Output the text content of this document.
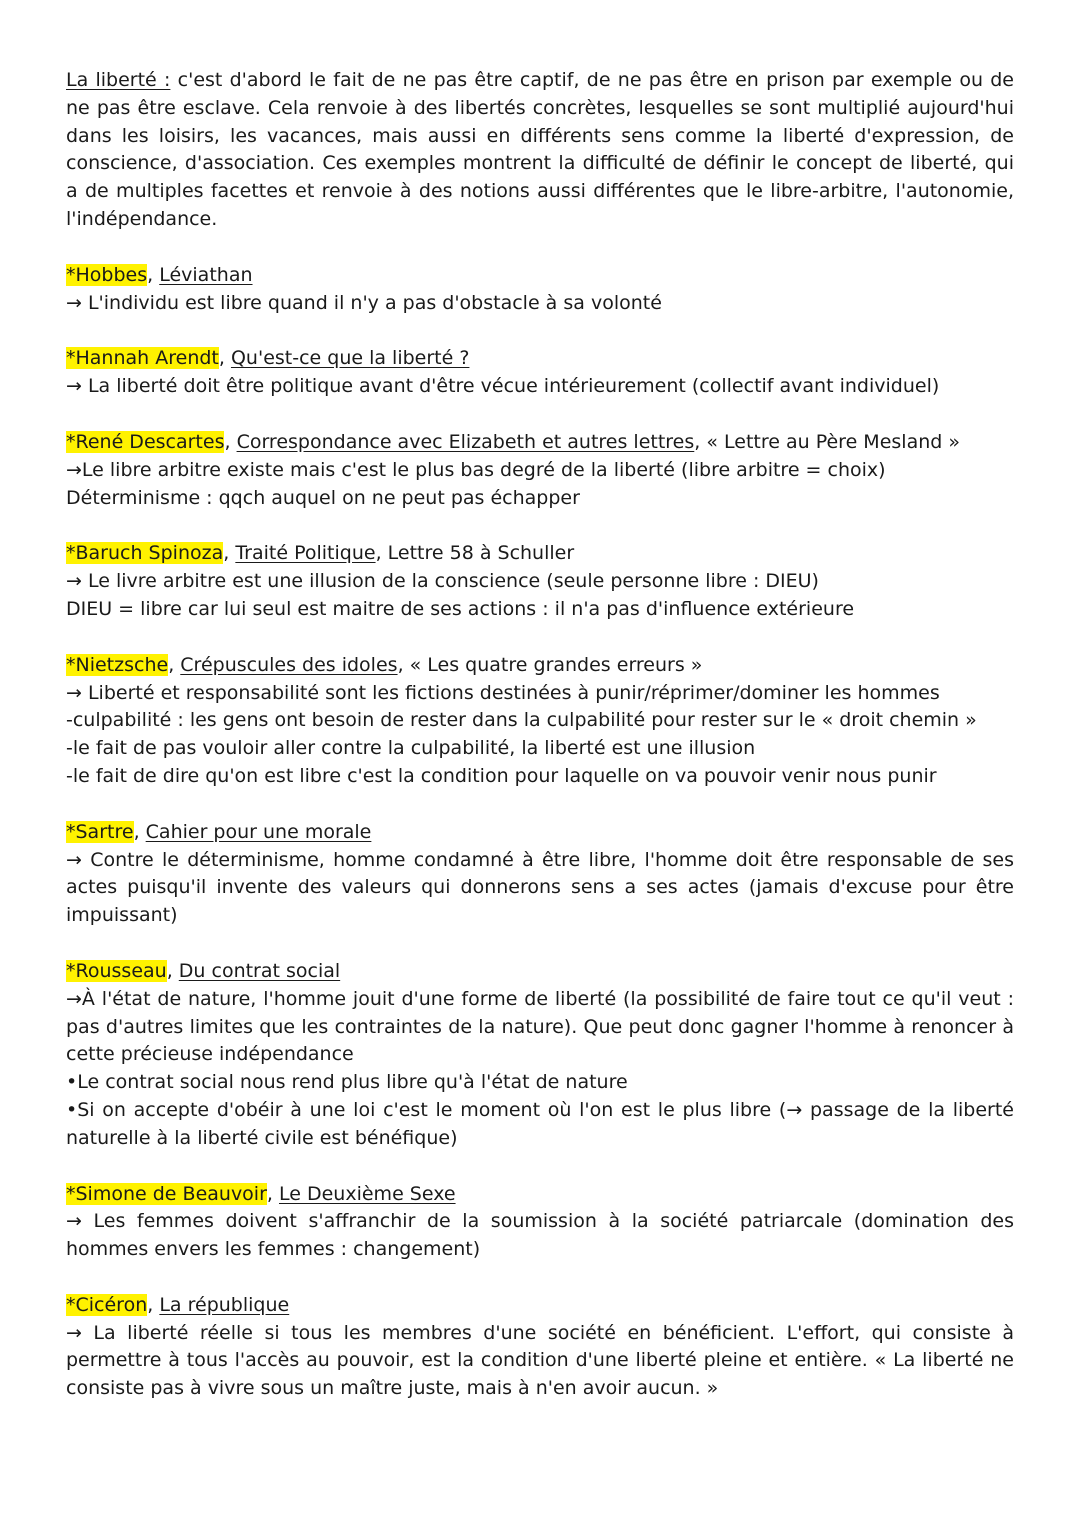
La liberté : c'est d'abord le fait de ne pas être captif, de ne pas être en prison par exemple ou de ne pas être esclave. Cela renvoie à des libertés concrètes, lesquelles se sont multiplié aujourd'hui dans les loisirs, les vacances, mais aussi en différents sens comme la liberté d'expression, de conscience, d'association. Ces exemples montrent la difficulté de définir le concept de liberté, qui a de multiples facettes et renvoie à des notions aussi différentes que le libre-arbitre, l'autonomie, l'indépendance.

*Hobbes, Léviathan

→ L'individu est libre quand il n'y a pas d'obstacle à sa volonté

*Hannah Arendt, Qu'est-ce que la liberté ?

→ La liberté doit être politique avant d'être vécue intérieurement (collectif avant individuel)

*René Descartes, Correspondance avec Elizabeth et autres lettres, « Lettre au Père Mesland »

→Le libre arbitre existe mais c'est le plus bas degré de la liberté (libre arbitre = choix)

Déterminisme : qqch auquel on ne peut pas échapper

*Baruch Spinoza, Traité Politique, Lettre 58 à Schuller

→ Le livre arbitre est une illusion de la conscience (seule personne libre : DIEU)

DIEU = libre car lui seul est maitre de ses actions : il n'a pas d'influence extérieure

*Nietzsche, Crépuscules des idoles, « Les quatre grandes erreurs »

→ Liberté et responsabilité sont les fictions destinées à punir/réprimer/dominer les hommes

-culpabilité : les gens ont besoin de rester dans la culpabilité pour rester sur le « droit chemin »

-le fait de pas vouloir aller contre la culpabilité, la liberté est une illusion

-le fait de dire qu'on est libre c'est la condition pour laquelle on va pouvoir venir nous punir

*Sartre, Cahier pour une morale

→ Contre le déterminisme, homme condamné à être libre, l'homme doit être responsable de ses actes puisqu'il invente des valeurs qui donnerons sens a ses actes (jamais d'excuse pour être impuissant)

*Rousseau, Du contrat social

→À l'état de nature, l'homme jouit d'une forme de liberté (la possibilité de faire tout ce qu'il veut : pas d'autres limites que les contraintes de la nature). Que peut donc gagner l'homme à renoncer à cette précieuse indépendance

•Le contrat social nous rend plus libre qu'à l'état de nature

•Si on accepte d'obéir à une loi c'est le moment où l'on est le plus libre (→ passage de la liberté naturelle à la liberté civile est bénéfique)

*Simone de Beauvoir, Le Deuxième Sexe

→ Les femmes doivent s'affranchir de la soumission à la société patriarcale (domination des hommes envers les femmes : changement)

*Cicéron, La république

→ La liberté réelle si tous les membres d'une société en bénéficient. L'effort, qui consiste à permettre à tous l'accès au pouvoir, est la condition d'une liberté pleine et entière. « La liberté ne consiste pas à vivre sous un maître juste, mais à n'en avoir aucun. »
